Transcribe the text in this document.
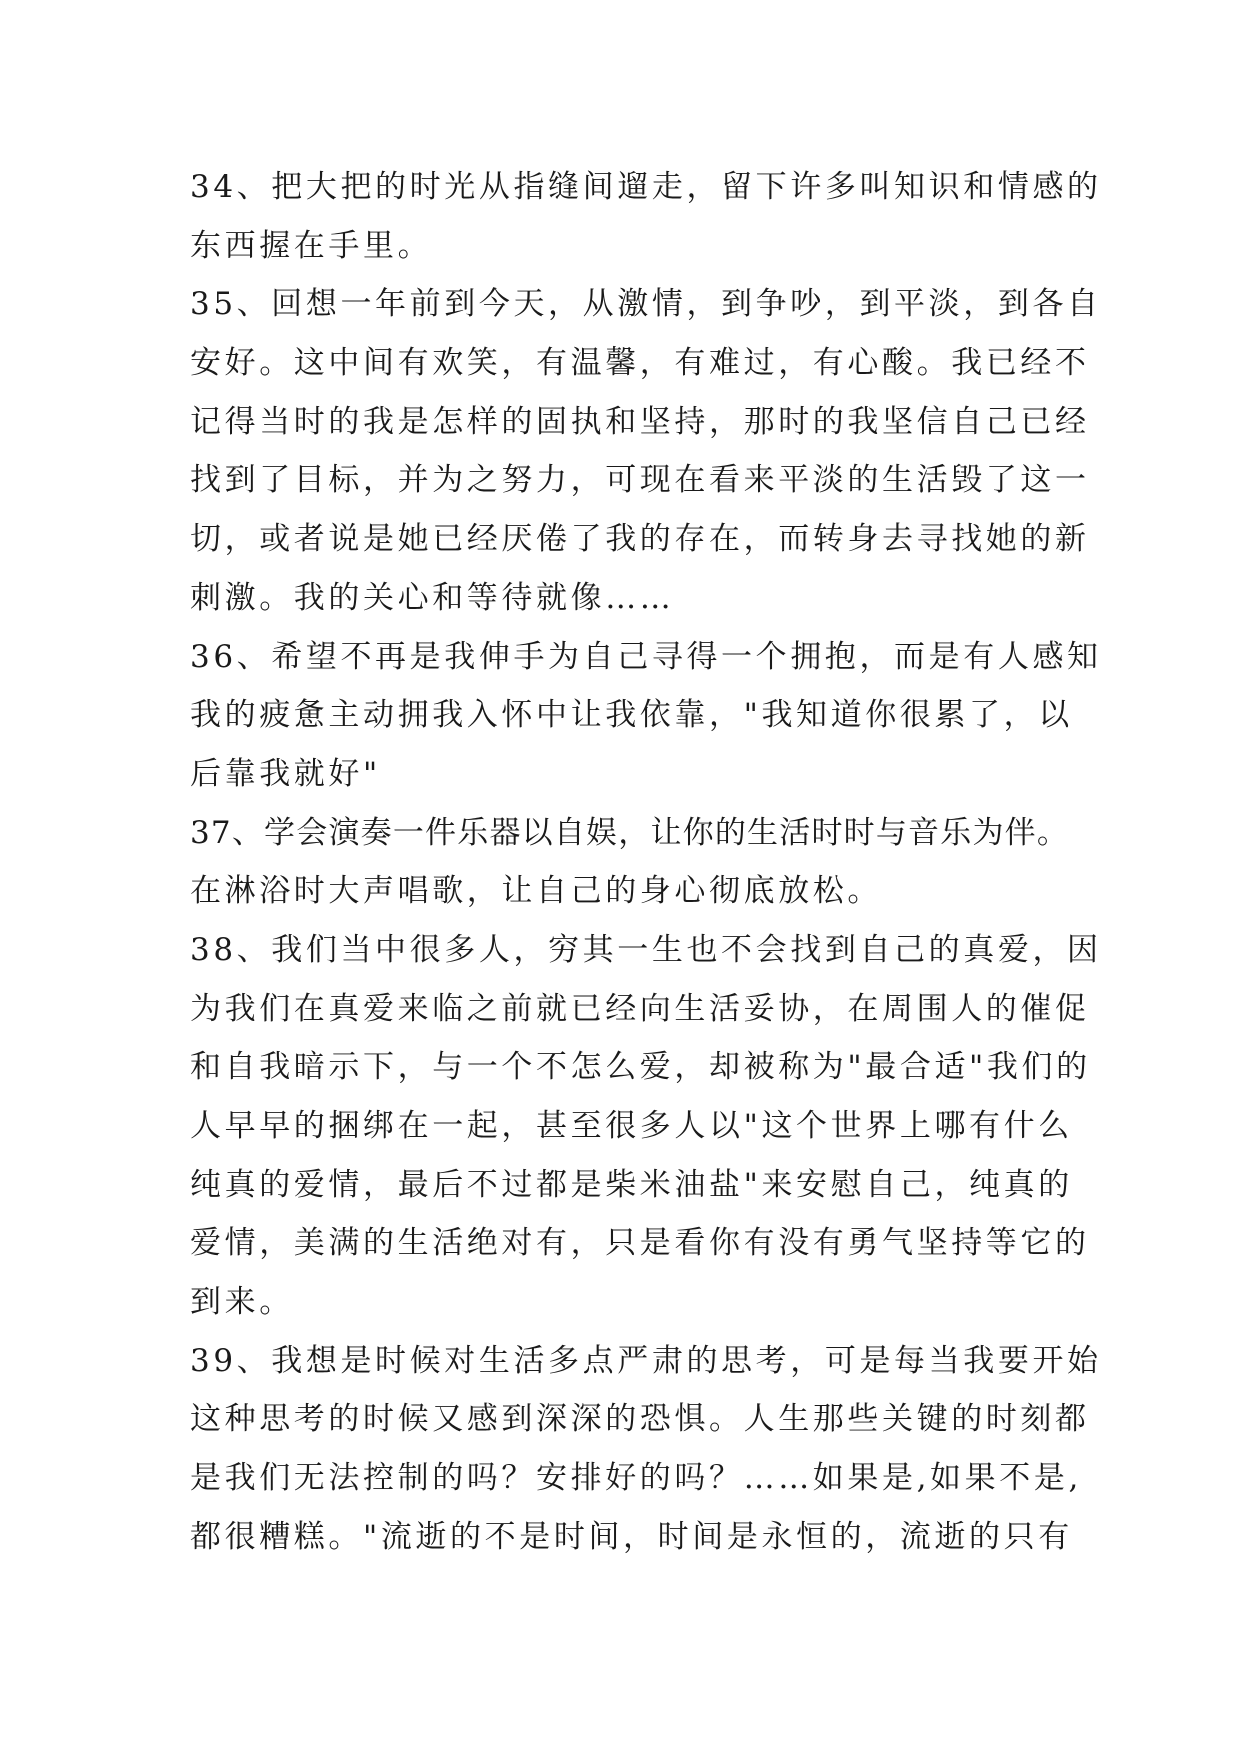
34、把大把的时光从指缝间遛走，留下许多叫知识和情感的
东西握在手里。
35、回想一年前到今天，从激情，到争吵，到平淡，到各自
安好。这中间有欢笑，有温馨，有难过，有心酸。我已经不
记得当时的我是怎样的固执和坚持，那时的我坚信自己已经
找到了目标，并为之努力，可现在看来平淡的生活毁了这一
切，或者说是她已经厌倦了我的存在，而转身去寻找她的新
刺激。我的关心和等待就像……
36、希望不再是我伸手为自己寻得一个拥抱，而是有人感知
我的疲惫主动拥我入怀中让我依靠，"我知道你很累了，以
后靠我就好"
37、学会演奏一件乐器以自娱，让你的生活时时与音乐为伴。
在淋浴时大声唱歌，让自己的身心彻底放松。
38、我们当中很多人，穷其一生也不会找到自己的真爱，因
为我们在真爱来临之前就已经向生活妥协，在周围人的催促
和自我暗示下，与一个不怎么爱，却被称为"最合适"我们的
人早早的捆绑在一起，甚至很多人以"这个世界上哪有什么
纯真的爱情，最后不过都是柴米油盐"来安慰自己，纯真的
爱情，美满的生活绝对有，只是看你有没有勇气坚持等它的
到来。
39、我想是时候对生活多点严肃的思考，可是每当我要开始
这种思考的时候又感到深深的恐惧。人生那些关键的时刻都
是我们无法控制的吗？安排好的吗？……如果是,如果不是,
都很糟糕。"流逝的不是时间，时间是永恒的，流逝的只有
